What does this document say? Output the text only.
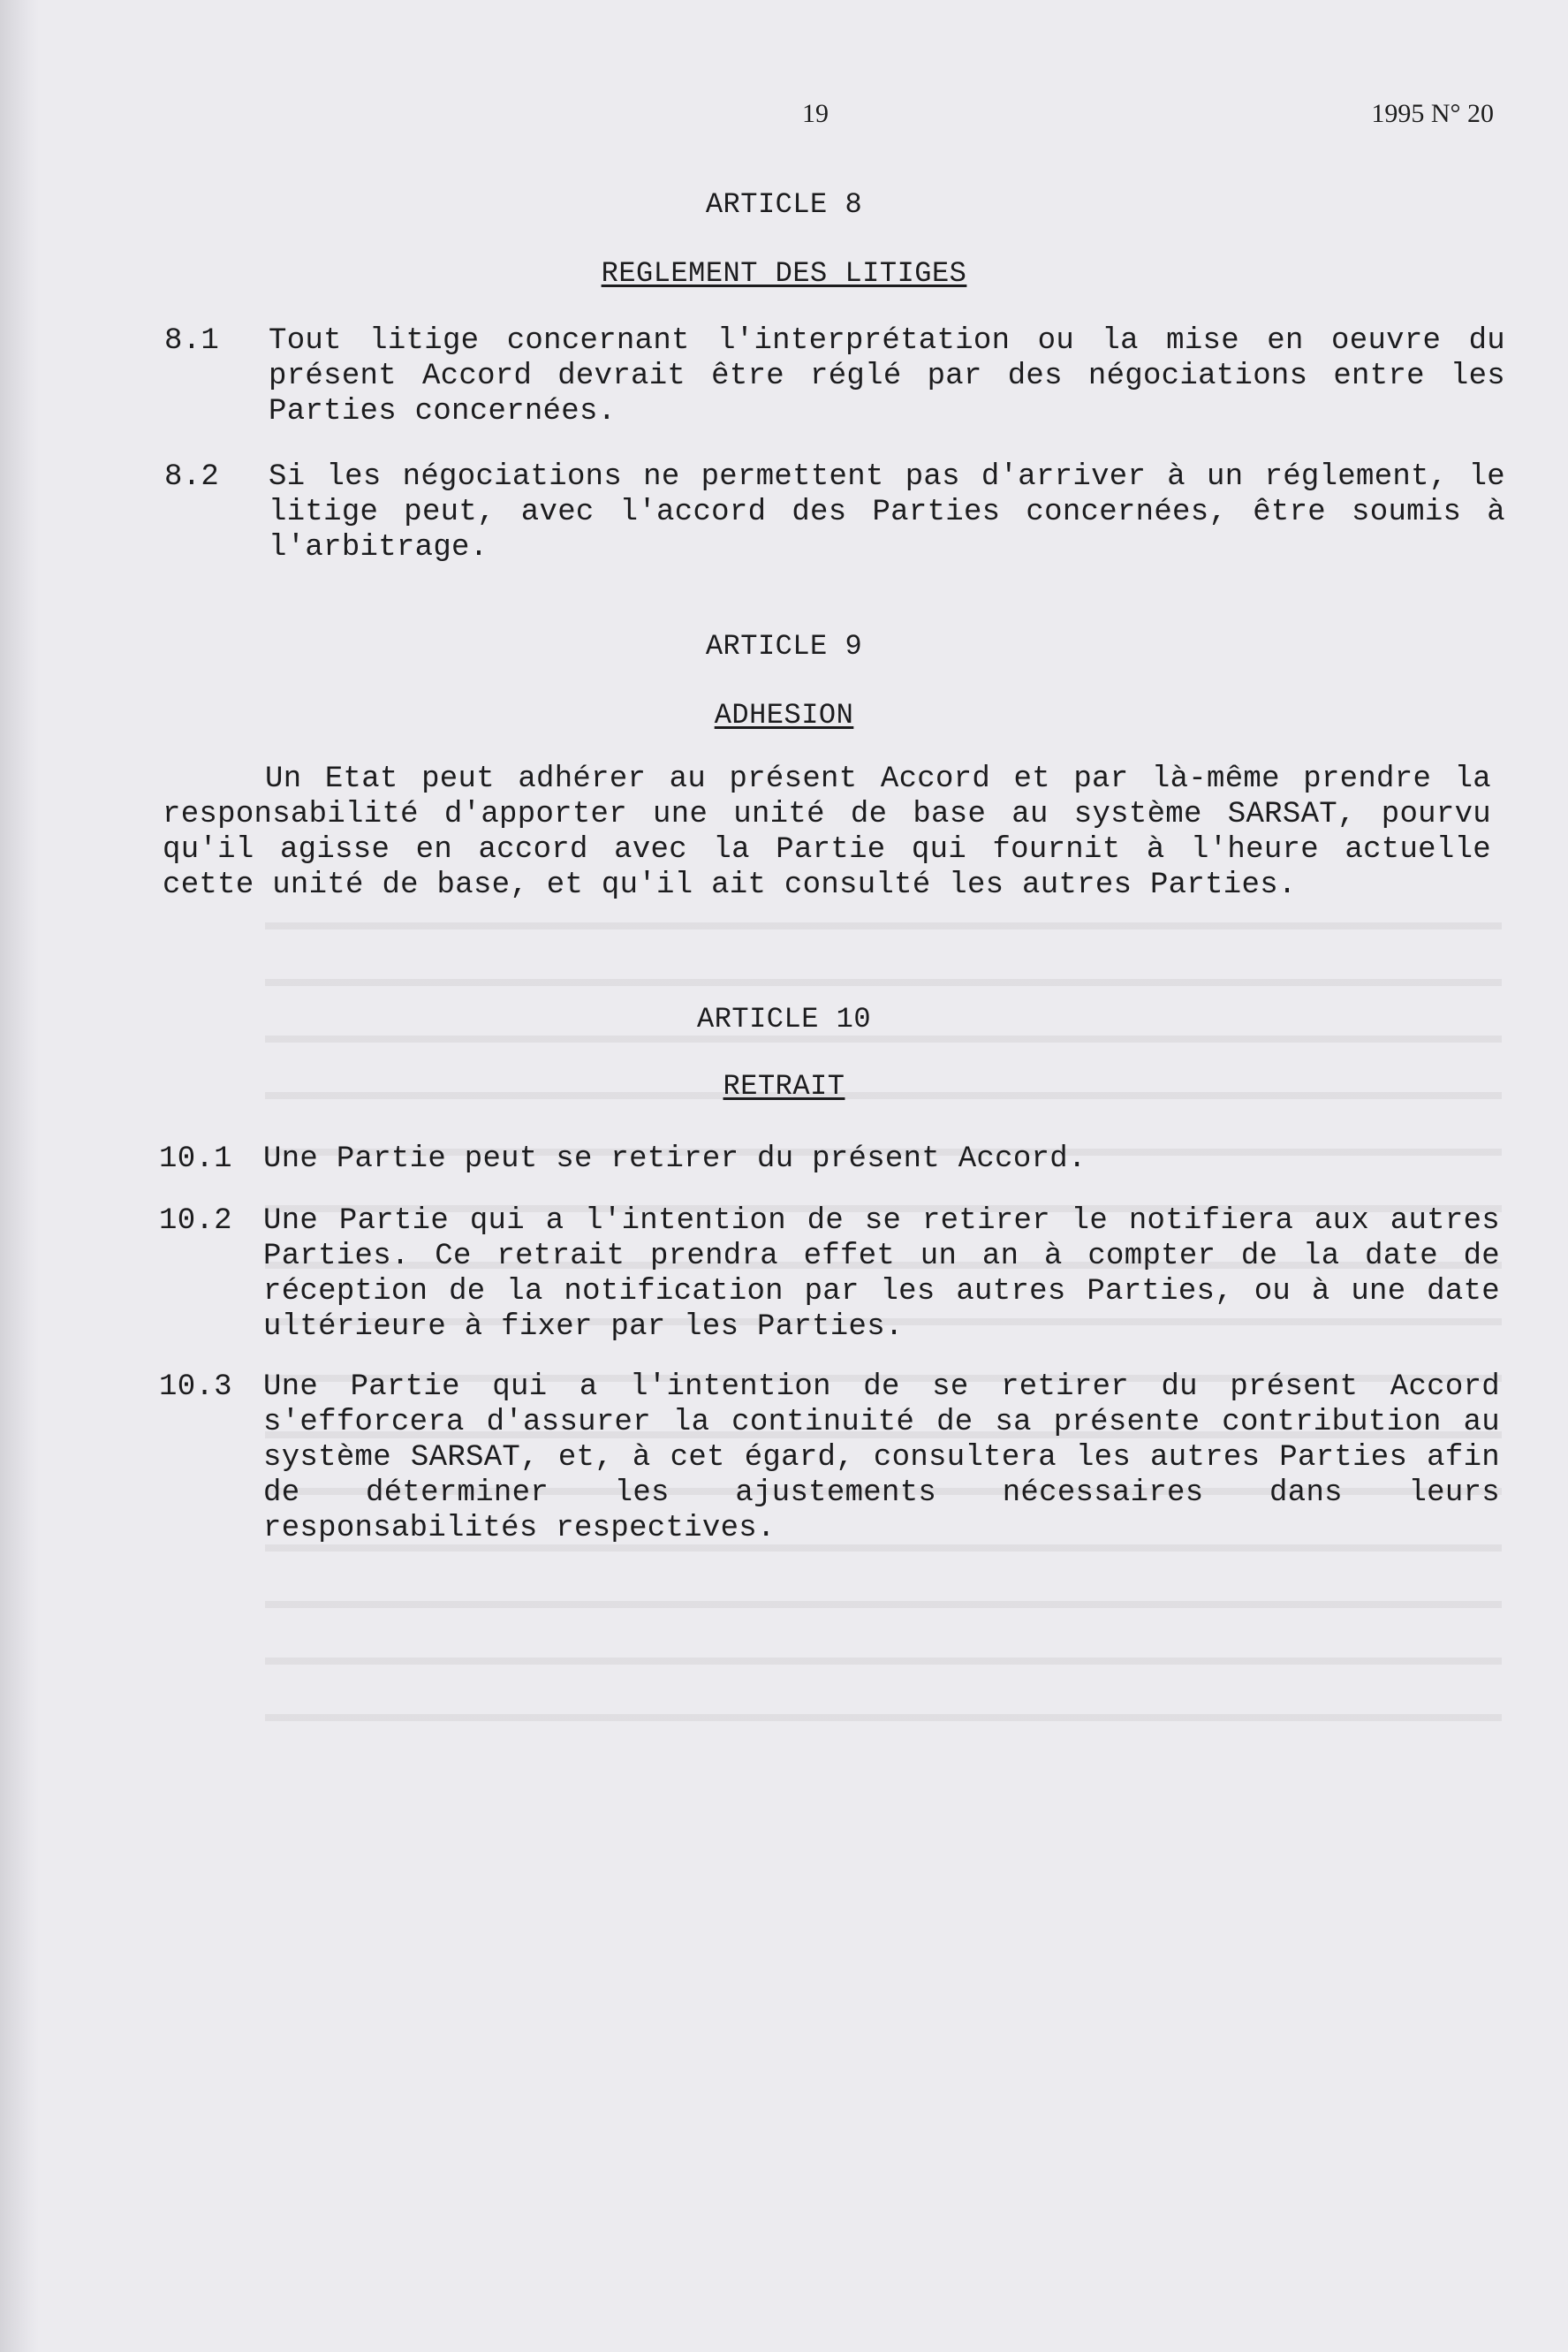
19	1995 N° 20
ARTICLE 8
REGLEMENT DES LITIGES
8.1 Tout litige concernant l'interprétation ou la mise en oeuvre du présent Accord devrait être réglé par des négociations entre les Parties concernées.
8.2 Si les négociations ne permettent pas d'arriver à un réglement, le litige peut, avec l'accord des Parties concernées, être soumis à l'arbitrage.
ARTICLE 9
ADHESION
Un Etat peut adhérer au présent Accord et par là-même prendre la responsabilité d'apporter une unité de base au système SARSAT, pourvu qu'il agisse en accord avec la Partie qui fournit à l'heure actuelle cette unité de base, et qu'il ait consulté les autres Parties.
ARTICLE 10
RETRAIT
10.1 Une Partie peut se retirer du présent Accord.
10.2 Une Partie qui a l'intention de se retirer le notifiera aux autres Parties. Ce retrait prendra effet un an à compter de la date de réception de la notification par les autres Parties, ou à une date ultérieure à fixer par les Parties.
10.3 Une Partie qui a l'intention de se retirer du présent Accord s'efforcera d'assurer la continuité de sa présente contribution au système SARSAT, et, à cet égard, consultera les autres Parties afin de déterminer les ajustements nécessaires dans leurs responsabilités respectives.
